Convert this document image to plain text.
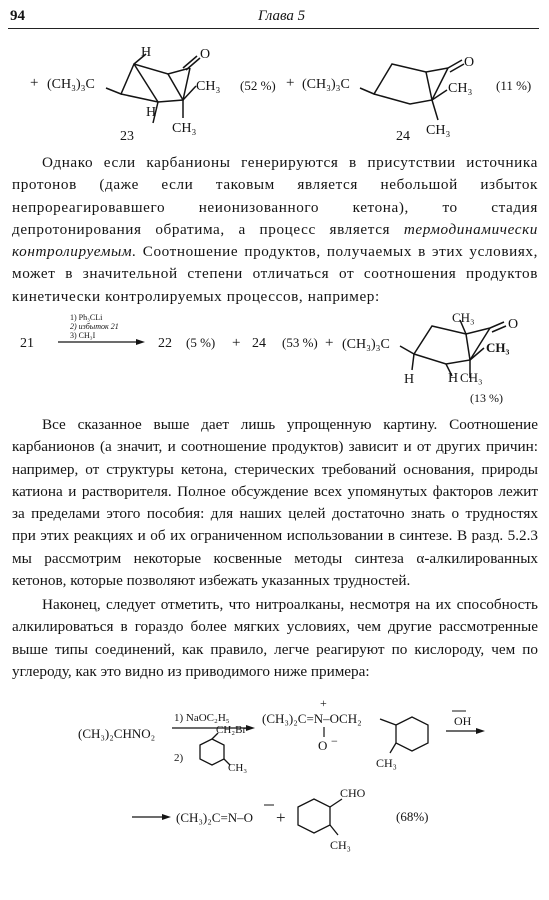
94	Глава 5
+ (CH₃)₃C
H	O
CH₃
H
CH₃
(52 %) + (CH₃)₃C
O
CH₃
CH₃
(11 %)
23	24

Однако если карбанионы генерируются в присутствии источника протонов (даже если таковым является небольшой избыток непрореагировавшего неионизованного кетона), то стадия депротонирования обратима, а процесс является термодинамически контролируемым. Соотношение продуктов, получаемых в этих условиях, может в значительной степени отличаться от соотношения продуктов кинетически контролируемых процессов, например:

21
1) Ph₃CLi
2) избыток 21
3) CH₃I
22 (5 %) + 24 (53 %) + (CH₃)₃C
CH₃ O
CH₃
H H CH₃
(13 %)

Все сказанное выше дает лишь упрощенную картину. Соотношение карбанионов (а значит, и соотношение продуктов) зависит и от других причин: например, от структуры кетона, стерических требований основания, природы катиона и растворителя. Полное обсуждение всех упомянутых факторов лежит за пределами этого пособия: для наших целей достаточно знать о трудностях при этих реакциях и об их ограниченном использовании в синтезе. В разд. 5.2.3 мы рассмотрим некоторые косвенные методы синтеза α-алкилированных кетонов, которые позволяют избежать указанных трудностей.

Наконец, следует отметить, что нитроалканы, несмотря на их способность алкилироваться в гораздо более мягких условиях, чем другие рассмотренные выше типы соединений, как правило, легче реагируют по кислороду, чем по углероду, как это видно из приводимого ниже примера:

(CH₃)₂CHNO₂
1) NaOC₂H₅
2)
CH₂Br
CH₃
(CH₃)₂C=N–OCH₂
+
O −
CH₃
OH
(CH₃)₂C=N–O +
CHO
CH₃
(68%)
